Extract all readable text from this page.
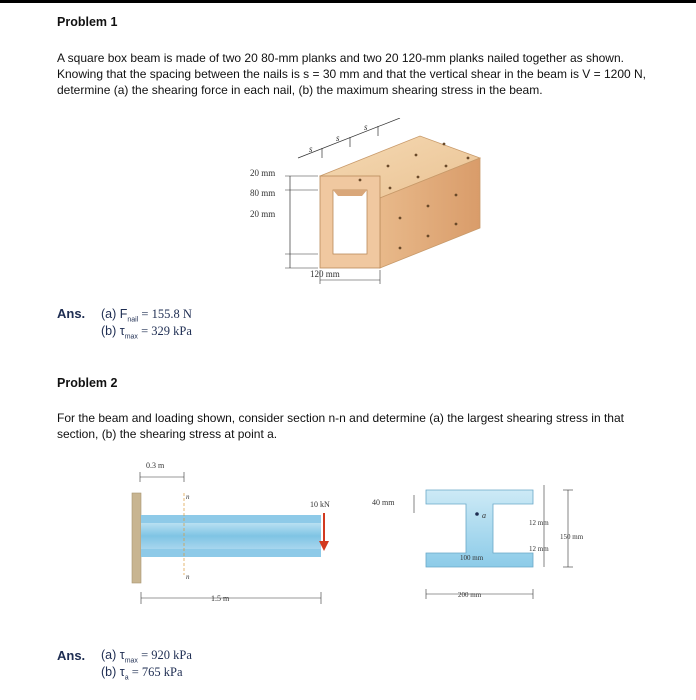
Problem 1
A square box beam is made of two 20 80-mm planks and two 20 120-mm planks nailed together as shown. Knowing that the spacing between the nails is s = 30 mm and that the vertical shear in the beam is V = 1200 N, determine (a) the shearing force in each nail, (b) the maximum shearing stress in the beam.
s
s
s
20 mm
80 mm
20 mm
120 mm
Ans. (a) $F_{nail} = 155.8$ N
(b) $\tau_{max} = 329$ kPa
Problem 2
For the beam and loading shown, consider section n-n and determine (a) the largest shearing stress in that section, (b) the shearing stress at point a.
0.3 m
n
n
10 kN
1.5 m
40 mm
a
12 mm
150 mm
12 mm
100 mm
200 mm
Ans. (a) $\tau_{max} = 920$ kPa
(b) $\tau_a = 765$ kPa
